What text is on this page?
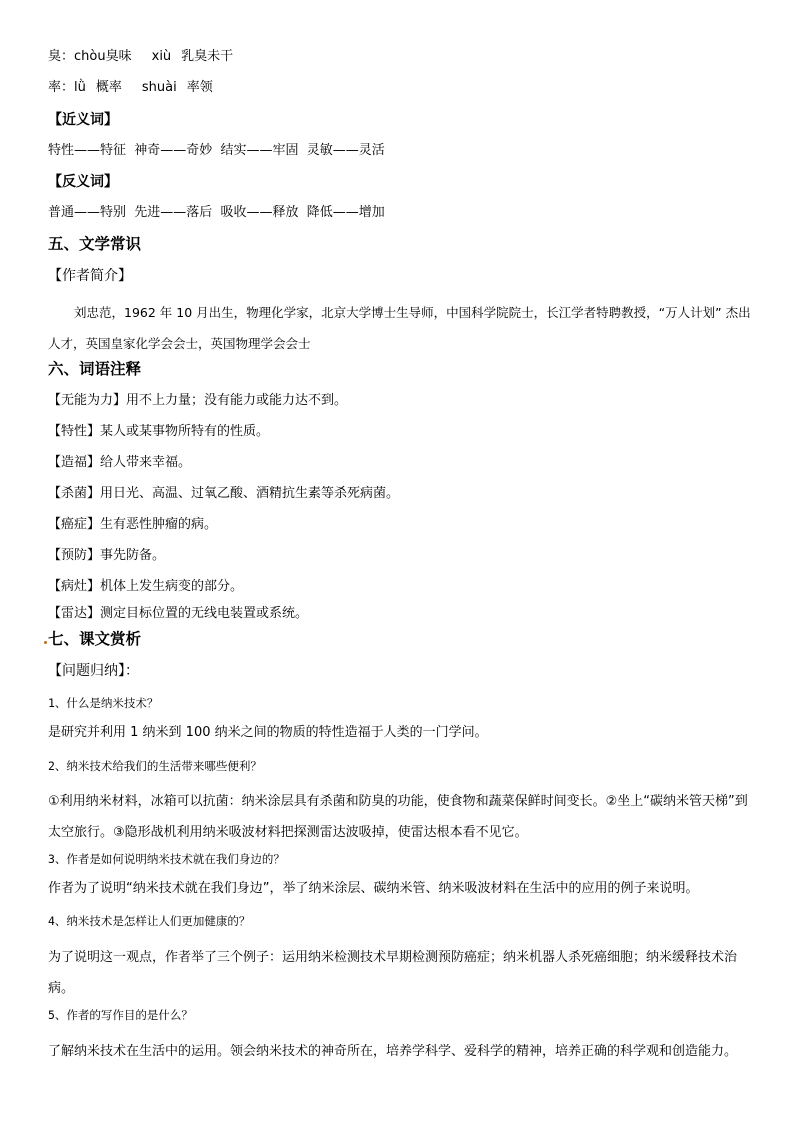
臭：chòu臭味 xiù 乳臭未干
率：lǜ 概率 shuài 率领
【近义词】
特性——特征  神奇——奇妙  结实——牢固  灵敏——灵活
【反义词】
普通——特别  先进——落后  吸收——释放  降低——增加
五、文学常识
【作者简介】
刘忠范，1962 年 10 月出生，物理化学家，北京大学博士生导师，中国科学院院士，长江学者特聘教授，“万人计划” 杰出人才，英国皇家化学会会士，英国物理学会会士
六、词语注释
【无能为力】用不上力量；没有能力或能力达不到。
【特性】某人或某事物所特有的性质。
【造福】给人带来幸福。
【杀菌】用日光、高温、过氧乙酸、酒精抗生素等杀死病菌。
【癌症】生有恶性肿瘤的病。
【预防】事先防备。
【病灶】机体上发生病变的部分。
【雷达】测定目标位置的无线电装置或系统。
七、课文赏析
【问题归纳】：
1、什么是纳米技术？
是研究并利用 1 纳米到 100 纳米之间的物质的特性造福于人类的一门学问。
2、纳米技术给我们的生活带来哪些便利？
①利用纳米材料，冰箱可以抗菌：纳米涂层具有杀菌和防臭的功能，使食物和蔬菜保鲜时间变长。②坐上“碳纳米管天梯”到太空旅行。③隐形战机利用纳米吸波材料把探测雷达波吸掉，使雷达根本看不见它。
3、作者是如何说明纳米技术就在我们身边的？
作者为了说明“纳米技术就在我们身边”，举了纳米涂层、碳纳米管、纳米吸波材料在生活中的应用的例子来说明。
4、纳米技术是怎样让人们更加健康的？
为了说明这一观点，作者举了三个例子：运用纳米检测技术早期检测预防癌症；纳米机器人杀死癌细胞；纳米缓释技术治病。
5、作者的写作目的是什么？
了解纳米技术在生活中的运用。领会纳米技术的神奇所在，培养学科学、爱科学的精神，培养正确的科学观和创造能力。
